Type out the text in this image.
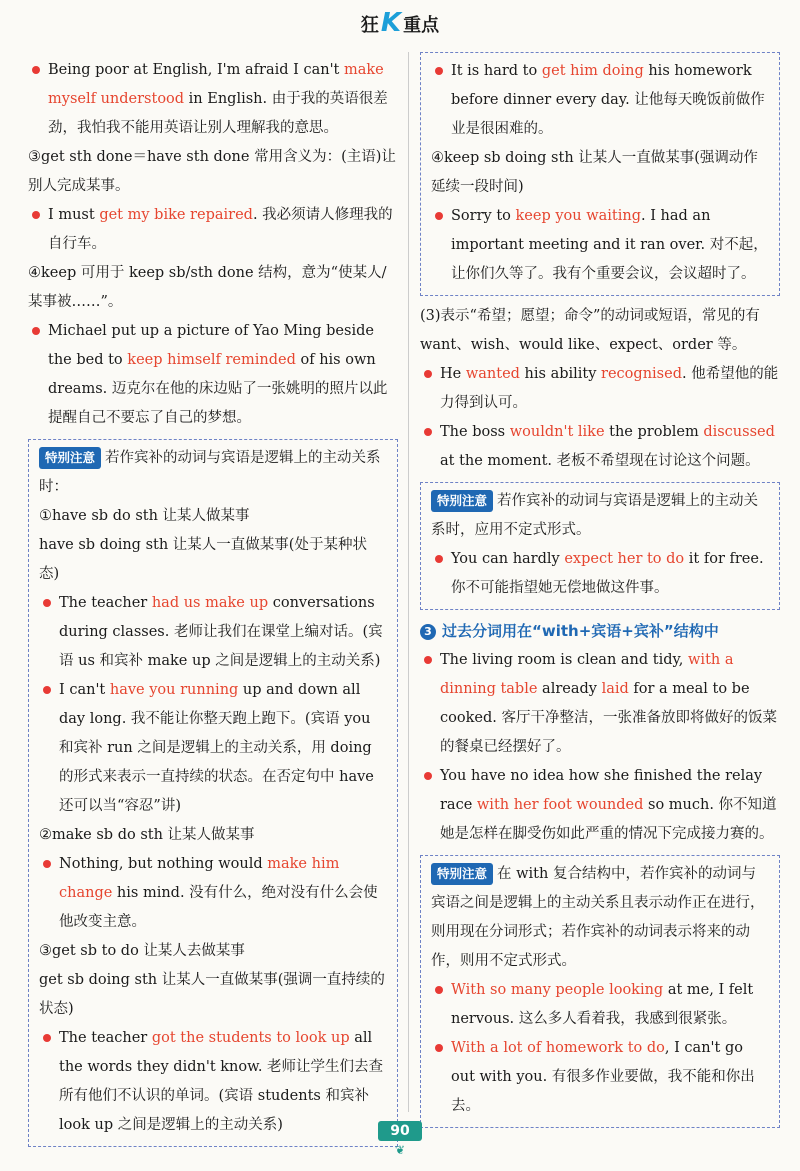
狂K 重点

Being poor at English, I'm afraid I can't make myself understood in English. 由于我的英语很差劲，我怕我不能用英语让别人理解我的意思。

③get sth done＝have sth done 常用含义为：(主语)让别人完成某事。

I must get my bike repaired. 我必须请人修理我的自行车。

④keep 可用于 keep sb/sth done 结构，意为“使某人/某事被……”。

Michael put up a picture of Yao Ming beside the bed to keep himself reminded of his own dreams. 迈克尔在他的床边贴了一张姚明的照片以此提醒自己不要忘了自己的梦想。

特别注意 若作宾补的动词与宾语是逻辑上的主动关系时：

①have sb do sth 让某人做某事

have sb doing sth 让某人一直做某事(处于某种状态)

The teacher had us make up conversations during classes. 老师让我们在课堂上编对话。(宾语 us 和宾补 make up 之间是逻辑上的主动关系)

I can't have you running up and down all day long. 我不能让你整天跑上跑下。(宾语 you 和宾补 run 之间是逻辑上的主动关系，用 doing 的形式来表示一直持续的状态。在否定句中 have 还可以当“容忍”讲)

②make sb do sth 让某人做某事

Nothing, but nothing would make him change his mind. 没有什么，绝对没有什么会使他改变主意。

③get sb to do 让某人去做某事

get sb doing sth 让某人一直做某事(强调一直持续的状态)

The teacher got the students to look up all the words they didn't know. 老师让学生们去查所有他们不认识的单词。(宾语 students 和宾补 look up 之间是逻辑上的主动关系)

It is hard to get him doing his homework before dinner every day. 让他每天晚饭前做作业是很困难的。

④keep sb doing sth 让某人一直做某事(强调动作延续一段时间)

Sorry to keep you waiting. I had an important meeting and it ran over. 对不起，让你们久等了。我有个重要会议，会议超时了。

(3)表示“希望；愿望；命令”的动词或短语，常见的有 want、wish、would like、expect、order 等。

He wanted his ability recognised. 他希望他的能力得到认可。

The boss wouldn't like the problem discussed at the moment. 老板不希望现在讨论这个问题。

特别注意 若作宾补的动词与宾语是逻辑上的主动关系时，应用不定式形式。

You can hardly expect her to do it for free. 你不可能指望她无偿地做这件事。

3 过去分词用在“with+宾语+宾补”结构中

The living room is clean and tidy, with a dinning table already laid for a meal to be cooked. 客厅干净整洁，一张准备放即将做好的饭菜的餐桌已经摆好了。

You have no idea how she finished the relay race with her foot wounded so much. 你不知道她是怎样在脚受伤如此严重的情况下完成接力赛的。

特别注意 在 with 复合结构中，若作宾补的动词与宾语之间是逻辑上的主动关系且表示动作正在进行，则用现在分词形式；若作宾补的动词表示将来的动作，则用不定式形式。

With so many people looking at me, I felt nervous. 这么多人看着我，我感到很紧张。

With a lot of homework to do, I can't go out with you. 有很多作业要做，我不能和你出去。

90
❦
